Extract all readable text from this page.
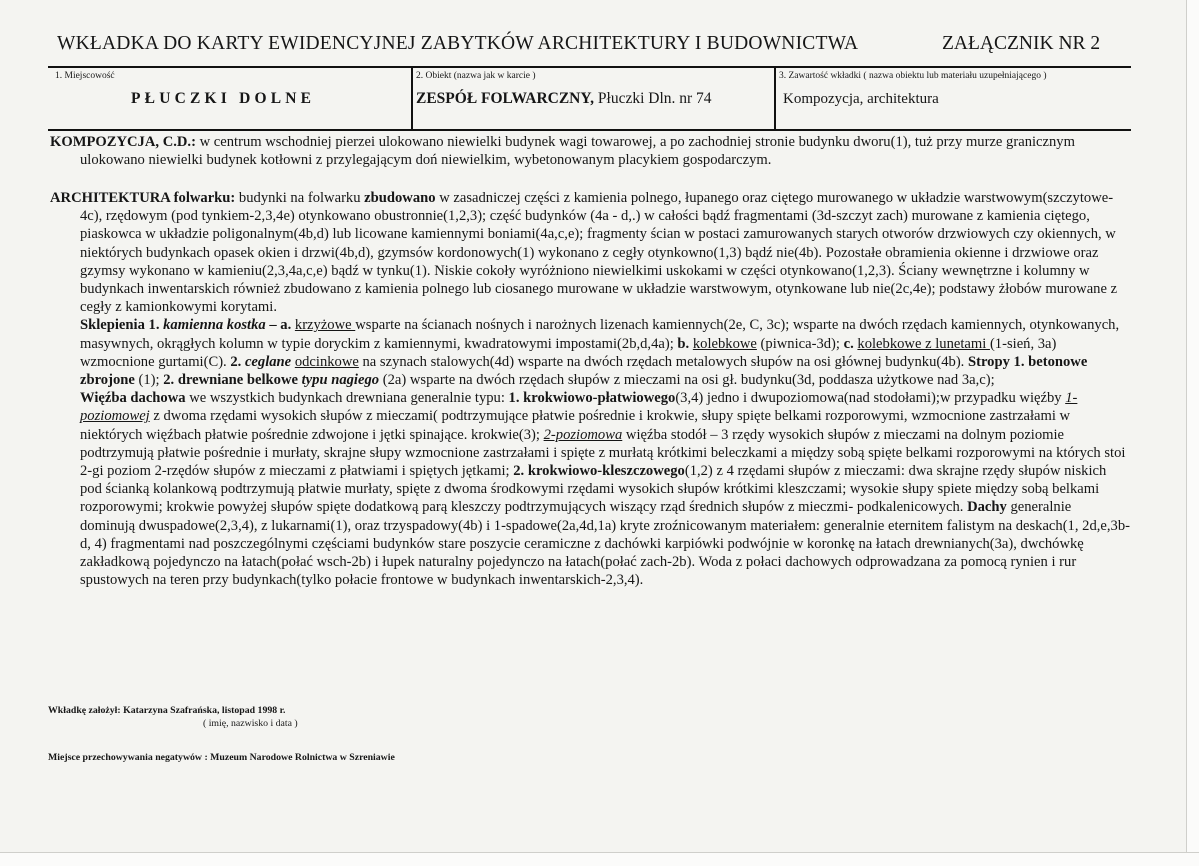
WKŁADKA DO KARTY EWIDENCYJNEJ ZABYTKÓW ARCHITEKTURY I BUDOWNICTWA	ZAŁĄCZNIK NR 2
1. Miejscowość
PŁUCZKI DOLNE
2. Obiekt (nazwa jak w karcie )
ZESPÓŁ FOLWARCZNY, Płuczki Dln. nr 74
3. Zawartość wkładki ( nazwa obiektu lub materiału uzupełniającego )
Kompozycja, architektura
KOMPOZYCJA, C.D.: w centrum wschodniej pierzei ulokowano niewielki budynek wagi towarowej, a po zachodniej stronie budynku dworu(1), tuż przy murze granicznym ulokowano niewielki budynek kotłowni z przylegającym doń niewielkim, wybetonowanym placykiem gospodarczym.
ARCHITEKTURA folwarku: budynki na folwarku zbudowano w zasadniczej części z kamienia polnego, łupanego oraz ciętego murowanego w układzie warstwowym(szczytowe-4c), rzędowym (pod tynkiem-2,3,4e) otynkowano obustronnie(1,2,3); część budynków (4a - d,.) w całości bądź fragmentami (3d-szczyt zach) murowane z kamienia ciętego, piaskowca w układzie poligonalnym(4b,d) lub licowane kamiennymi boniami(4a,c,e); fragmenty ścian w postaci zamurowanych starych otworów drzwiowych czy okiennych, w niektórych budynkach opasek okien i drzwi(4b,d), gzymsów kordonowych(1) wykonano z cegły otynkowno(1,3) bądź nie(4b). Pozostałe obramienia okienne i drzwiowe oraz gzymsy wykonano w kamieniu(2,3,4a,c,e) bądź w tynku(1). Niskie cokoły wyróżniono niewielkimi uskokami w części otynkowano(1,2,3). Ściany wewnętrzne i kolumny w budynkach inwentarskich również zbudowano z kamienia polnego lub ciosanego murowane w układzie warstwowym, otynkowane lub nie(2c,4e); podstawy żłobów murowane z cegły z kamionkowymi korytami.
Sklepienia 1. kamienna kostka – a. krzyżowe wsparte na ścianach nośnych i narożnych lizenach kamiennych(2e, C, 3c); wsparte na dwóch rzędach kamiennych, otynkowanych, masywnych, okrągłych kolumn w typie doryckim z kamiennymi, kwadratowymi impostami(2b,d,4a); b. kolebkowe (piwnica-3d); c. kolebkowe z lunetami (1-sień, 3a) wzmocnione gurtami(C). 2. ceglane odcinkowe na szynach stalowych(4d) wsparte na dwóch rzędach metalowych słupów na osi głównej budynku(4b). Stropy 1. betonowe zbrojone (1); 2. drewniane belkowe typu nagiego (2a) wsparte na dwóch rzędach słupów z mieczami na osi gł. budynku(3d, poddasza użytkowe nad 3a,c);
Więźba dachowa we wszystkich budynkach drewniana generalnie typu: 1. krokwiowo-płatwiowego(3,4) jedno i dwupoziomowa(nad stodołami);w przypadku więźby 1-poziomowej z dwoma rzędami wysokich słupów z mieczami( podtrzymujące płatwie pośrednie i krokwie, słupy spięte belkami rozporowymi, wzmocnione zastrzałami w niektórych więźbach płatwie pośrednie zdwojone i jętki spinające. krokwie(3); 2-poziomowa więźba stodół – 3 rzędy wysokich słupów z mieczami na dolnym poziomie podtrzymują płatwie pośrednie i murłaty, skrajne słupy wzmocnione zastrzałami i spięte z murłatą krótkimi beleczkami a między sobą spięte belkami rozporowymi na których stoi 2-gi poziom 2-rzędów słupów z mieczami z płatwiami i spiętych jętkami; 2. krokwiowo-kleszczowego(1,2) z 4 rzędami słupów z mieczami: dwa skrajne rzędy słupów niskich pod ścianką kolankową podtrzymują płatwie murłaty, spięte z dwoma środkowymi rzędami wysokich słupów krótkimi kleszczami; wysokie słupy spiete między sobą belkami rozporowymi; krokwie powyżej słupów spięte dodatkową parą kleszczy podtrzymujących wiszący rząd średnich słupów z mieczmi- podkalenicowych. Dachy generalnie dominują dwuspadowe(2,3,4), z lukarnami(1), oraz trzyspadowy(4b) i 1-spadowe(2a,4d,1a) kryte zroźnicowanym materiałem: generalnie eternitem falistym na deskach(1, 2d,e,3b-d, 4) fragmentami nad poszczególnymi częściami budynków stare poszycie ceramiczne z dachówki karpiówki podwójnie w koronkę na łatach drewnianych(3a), dwchówkę zakładkową pojedynczo na łatach(połać wsch-2b) i łupek naturalny pojedynczo na łatach(połać zach-2b). Woda z połaci dachowych odprowadzana za pomocą rynien i rur spustowych na teren przy budynkach(tylko połacie frontowe w budynkach inwentarskich-2,3,4).
Wkładkę założył: Katarzyna Szafrańska, listopad 1998 r.
( imię, nazwisko i data )
Miejsce przechowywania negatywów : Muzeum Narodowe Rolnictwa w Szreniawie
